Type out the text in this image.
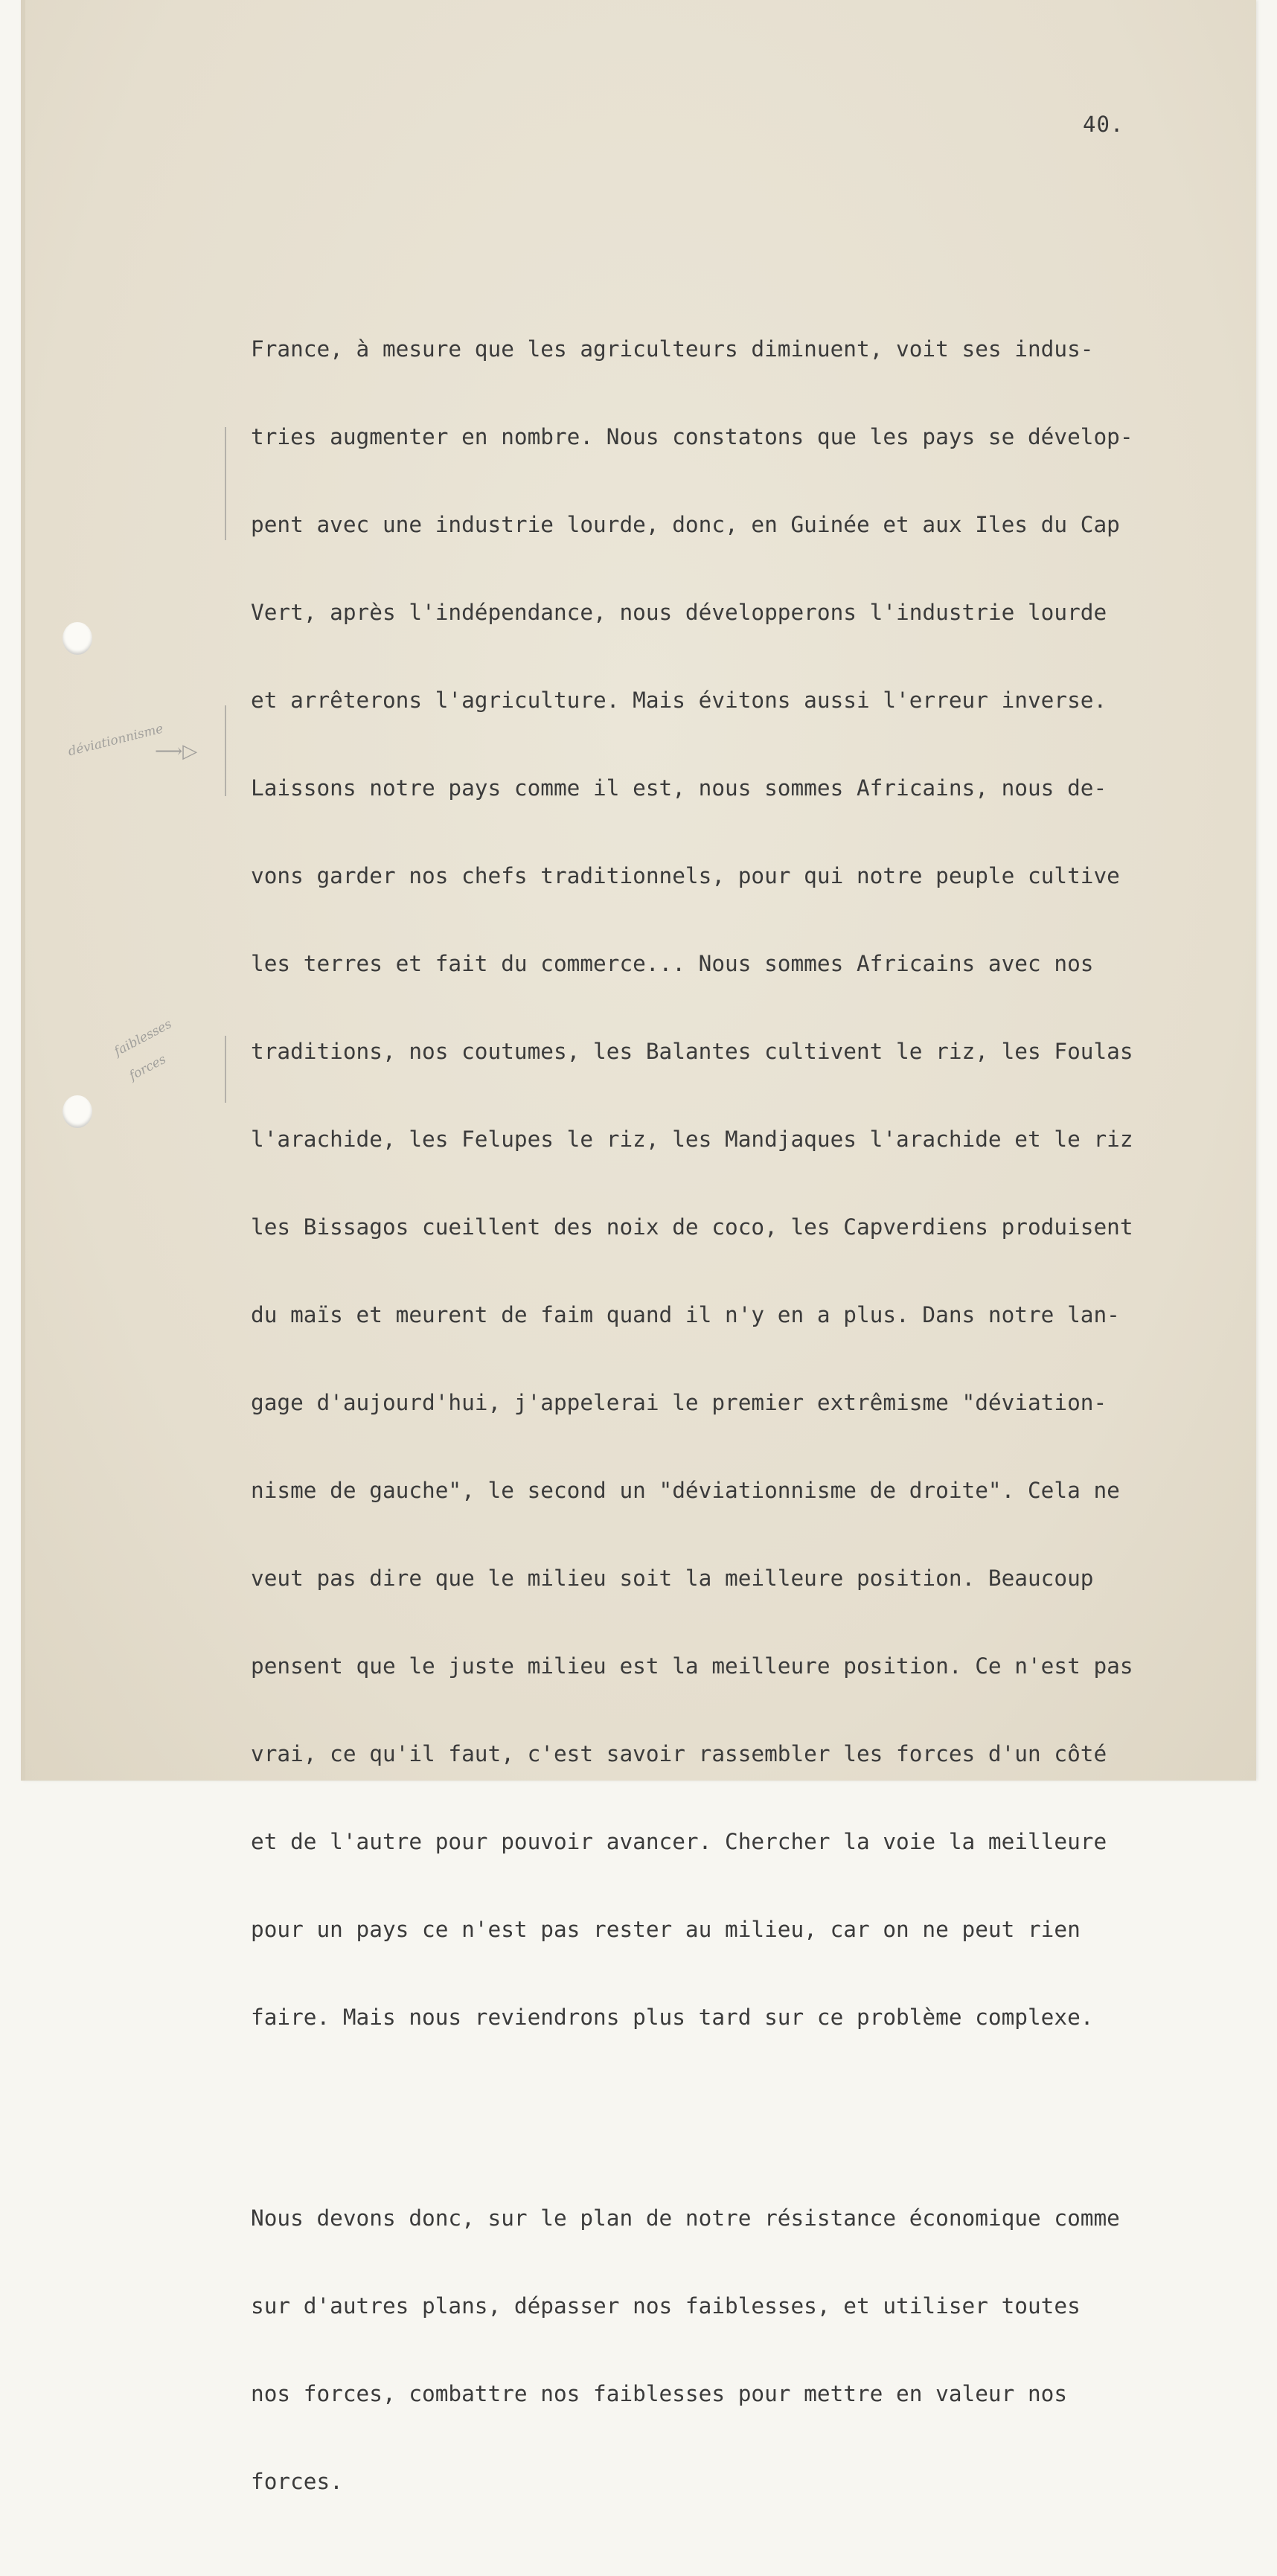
déviationnisme
⟶▷
faiblesses
forces
40.

France, à mesure que les agriculteurs diminuent, voit ses indus-

tries augmenter en nombre. Nous constatons que les pays se dévelop-

pent avec une industrie lourde, donc, en Guinée et aux Iles du Cap

Vert, après l'indépendance, nous développerons l'industrie lourde

et arrêterons l'agriculture. Mais évitons aussi l'erreur inverse.

Laissons notre pays comme il est, nous sommes Africains, nous de-

vons garder nos chefs traditionnels, pour qui notre peuple cultive

les terres et fait du commerce... Nous sommes Africains avec nos

traditions, nos coutumes, les Balantes cultivent le riz, les Foulas

l'arachide, les Felupes le riz, les Mandjaques l'arachide et le riz

les Bissagos cueillent des noix de coco, les Capverdiens produisent

du maïs et meurent de faim quand il n'y en a plus. Dans notre lan-

gage d'aujourd'hui, j'appelerai le premier extrêmisme "déviation-

nisme de gauche", le second un "déviationnisme de droite". Cela ne

veut pas dire que le milieu soit la meilleure position. Beaucoup

pensent que le juste milieu est la meilleure position. Ce n'est pas

vrai, ce qu'il faut, c'est savoir rassembler les forces d'un côté

et de l'autre pour pouvoir avancer. Chercher la voie la meilleure

pour un pays ce n'est pas rester au milieu, car on ne peut rien

faire. Mais nous reviendrons plus tard sur ce problème complexe.

Nous devons donc, sur le plan de notre résistance économique comme

sur d'autres plans, dépasser nos faiblesses, et utiliser toutes

nos forces, combattre nos faiblesses pour mettre en valeur nos

forces.
